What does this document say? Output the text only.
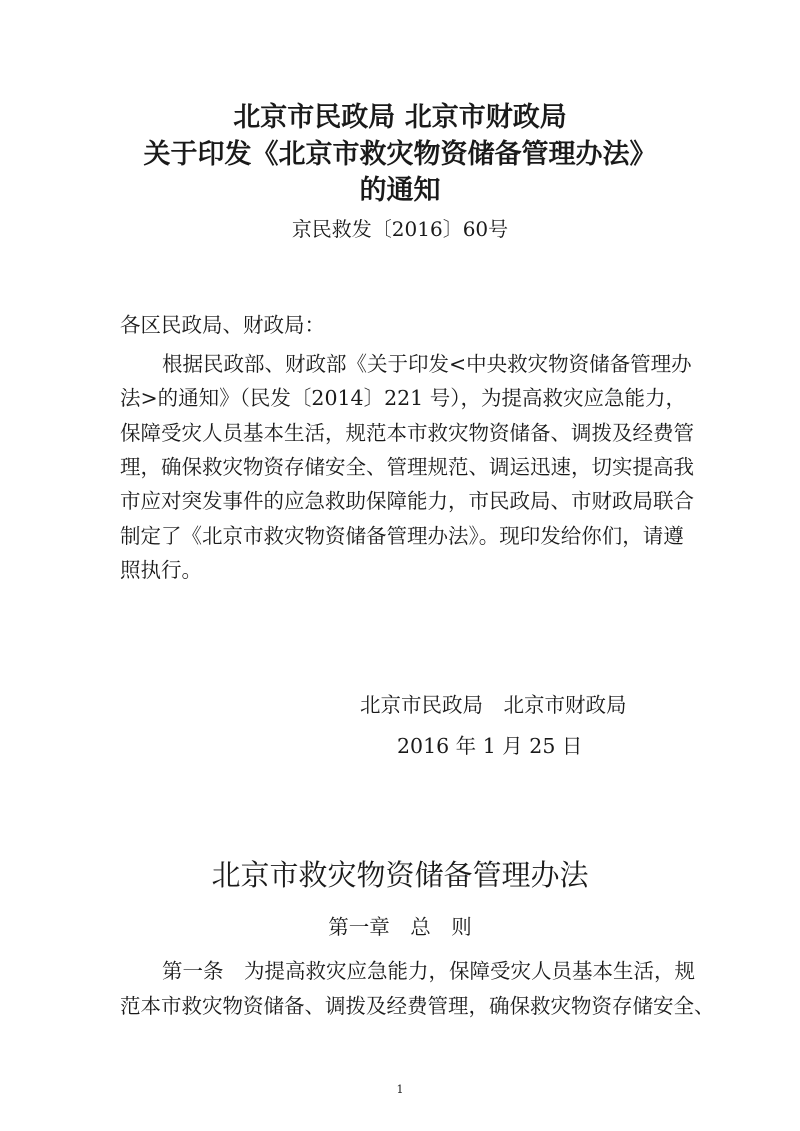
北京市民政局 北京市财政局
关于印发《北京市救灾物资储备管理办法》
的通知
京民救发〔2016〕60号
各区民政局、财政局：
根据民政部、财政部《关于印发<中央救灾物资储备管理办
法>的通知》（民发〔2014〕221 号），为提高救灾应急能力，
保障受灾人员基本生活，规范本市救灾物资储备、调拨及经费管
理，确保救灾物资存储安全、管理规范、调运迅速，切实提高我
市应对突发事件的应急救助保障能力，市民政局、市财政局联合
制定了《北京市救灾物资储备管理办法》。现印发给你们，请遵
照执行。
北京市民政局　北京市财政局
2016 年 1 月 25 日
北京市救灾物资储备管理办法
第一章　总　则
第一条　为提高救灾应急能力，保障受灾人员基本生活，规
范本市救灾物资储备、调拨及经费管理，确保救灾物资存储安全、
1
